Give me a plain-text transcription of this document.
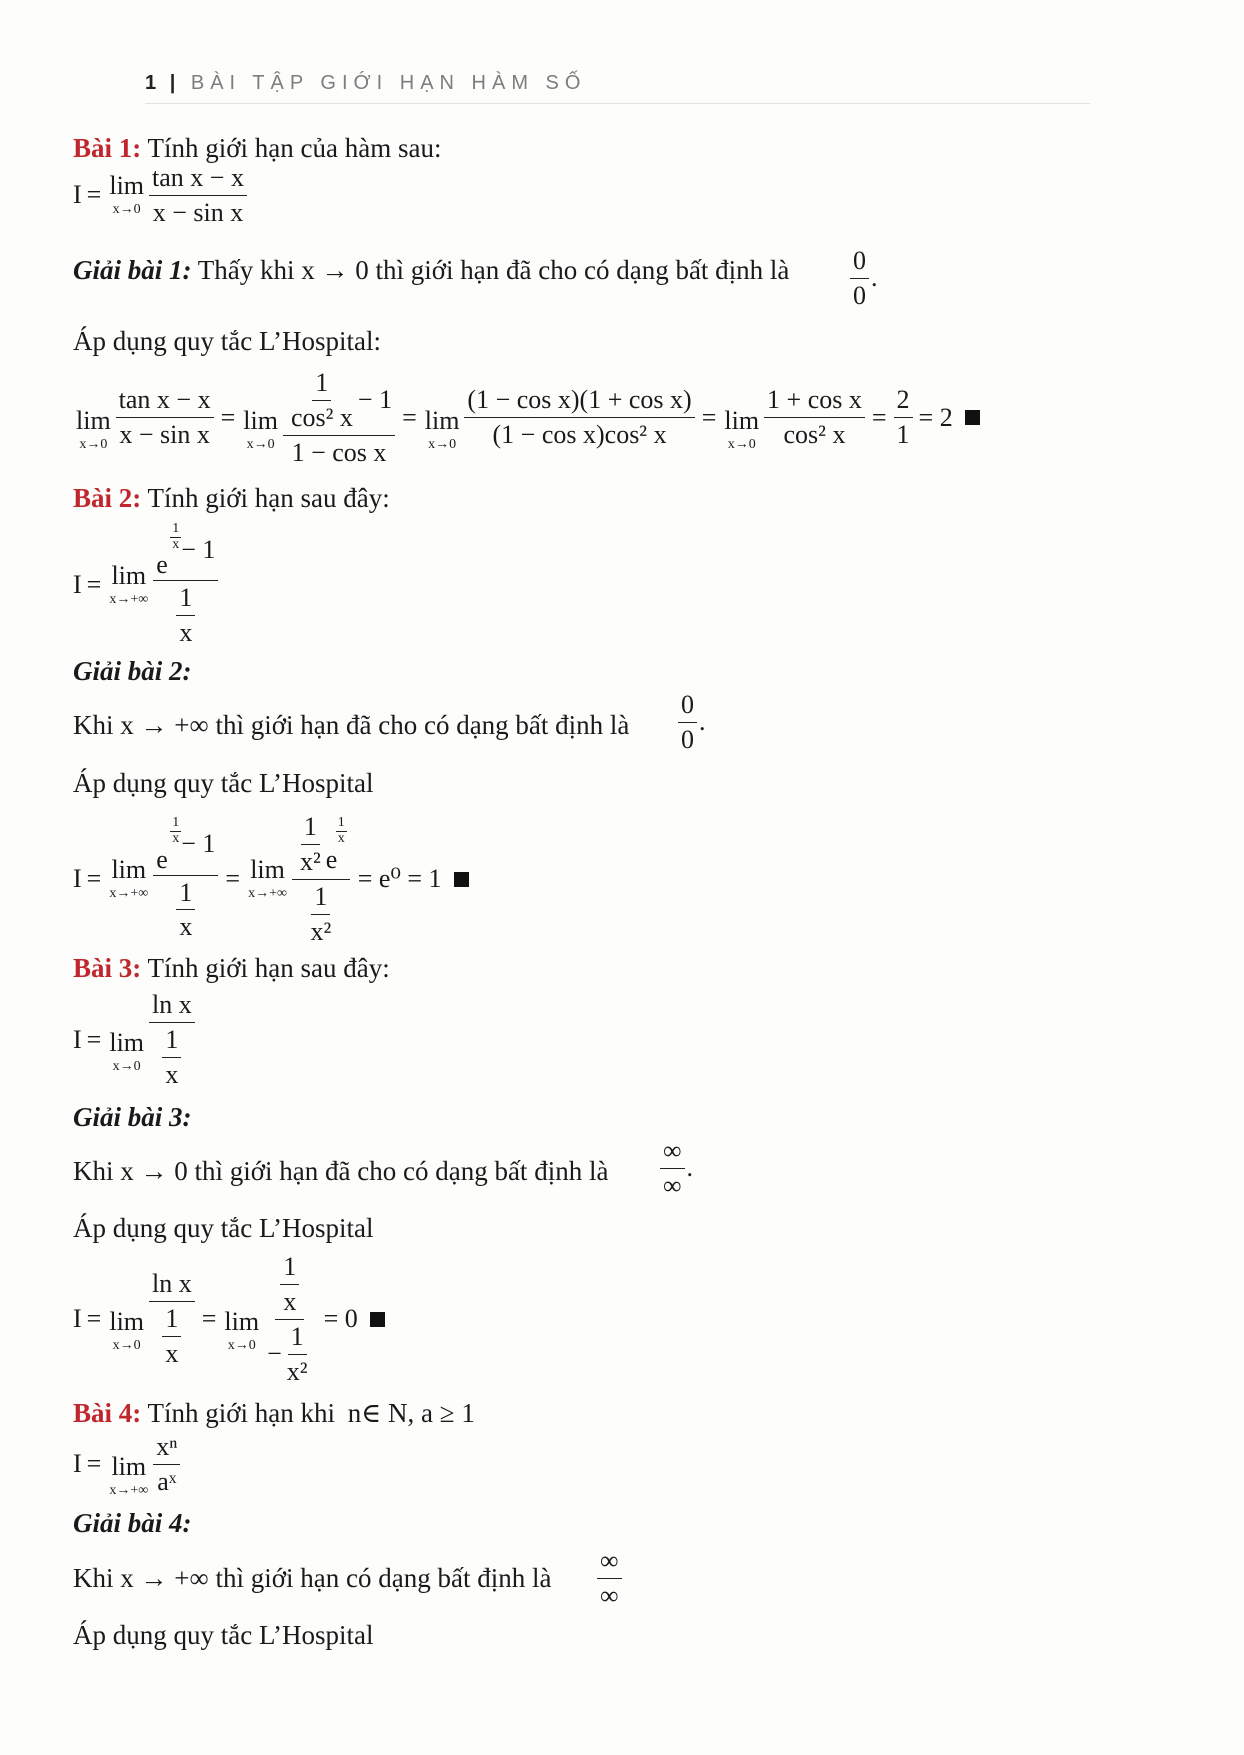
1 | BÀI TẬP GIỚI HẠN HÀM SỐ
Bài 1: Tính giới hạn của hàm sau:
I = lim
$x\to 0 \frac{\text{tan x − x}}{\text{x − sin x}}$
Giải bài 1: Thấy khi x → 0 thì giới hạn đã cho có dạng bất định là $\frac{0}{0}$ .
Áp dụng quy tắc L’Hospital:
lim
$x\to 0 \frac{\text{tan x − x}}{\text{x − sin x}} = \lim$
$x\to 0 \frac{\frac{1}{\text{cos² x}} - 1}{\text{1 − cos x}} = \lim$
$x\to 0 \frac{\text{(1 − cos x)(1 + cos x)}}{\text{(1 − cos x)cos² x}} = \lim$
$x\to 0 \frac{\text{1 + cos x}}{\text{cos² x}} = \frac{2}{1} = 2$
Bài 2: Tính giới hạn sau đây:
I = lim
$x\to+\infty \frac{1}{x}$
e
− 1
$\frac{1}{x}$
Giải bài 2:
Khi x → +∞ thì giới hạn đã cho có dạng bất định là $\frac{0}{0}$ .
Áp dụng quy tắc L’Hospital
I = lim
$x\to+\infty \frac{1}{x}$
e
− 1
$\frac{1}{x} = \lim$
$x\to+\infty \frac{1}{\text{x²}} \frac{1}{x}$
e
$\frac{1}{\text{x²}} = e^0 = 1$
Bài 3: Tính giới hạn sau đây:
I = lim
$x\to 0 \frac{\text{ln x}}{\frac{1}{x}}$
Giải bài 3:
Khi x → 0 thì giới hạn đã cho có dạng bất định là $\frac{\infty}{\infty}$ .
Áp dụng quy tắc L’Hospital
I = lim
$x\to 0 \frac{\text{ln x}}{\frac{1}{x}} = \lim$
$x\to 0 \frac{\frac{1}{x}}{- \frac{1}{\text{x²}}} = 0$
Bài 4: Tính giới hạn khi n∈ N, a ≥ 1
I = lim
$x\to+\infty \frac{\text{xⁿ}}{\text{aˣ}}$
Giải bài 4:
Khi x → +∞ thì giới hạn có dạng bất định là $\frac{\infty}{\infty}$
Áp dụng quy tắc L’Hospital
